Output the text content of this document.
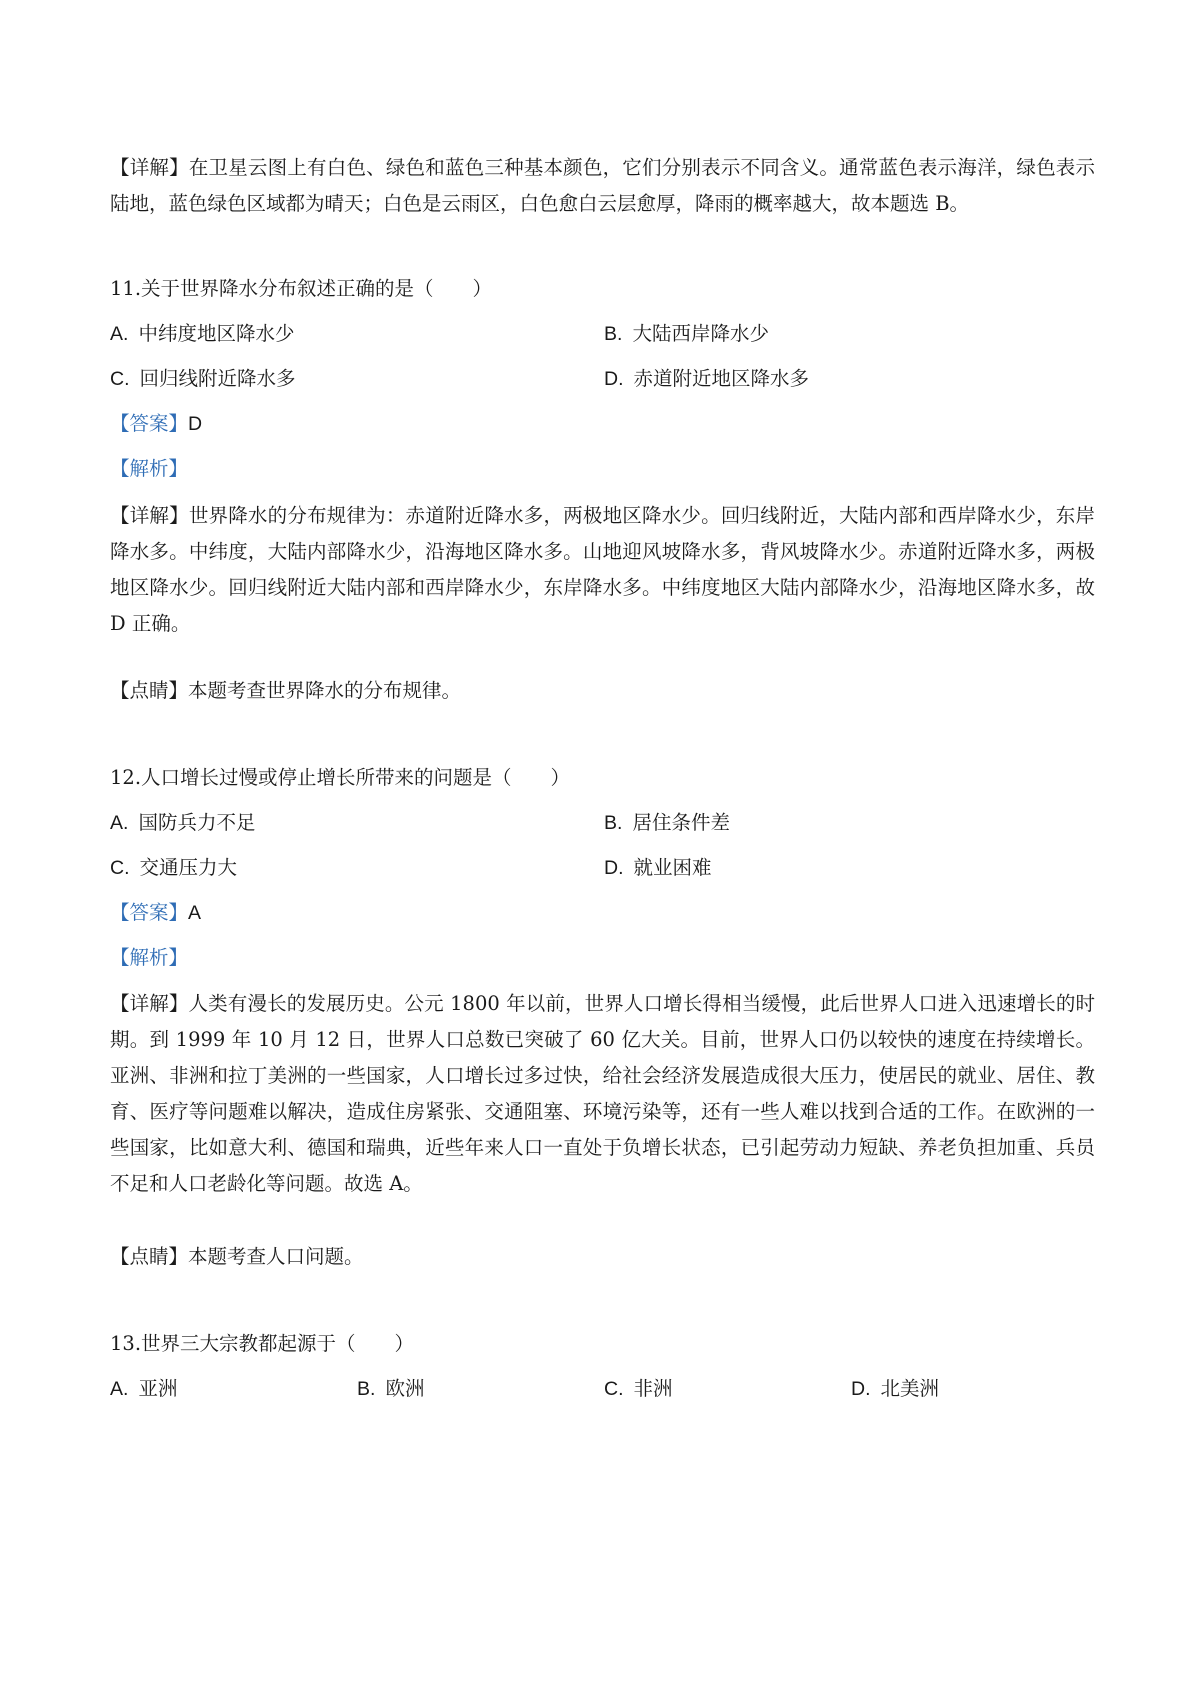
【详解】在卫星云图上有白色、绿色和蓝色三种基本颜色，它们分别表示不同含义。通常蓝色表示海洋，绿色表示陆地，蓝色绿色区域都为晴天；白色是云雨区，白色愈白云层愈厚，降雨的概率越大，故本题选 B。
11.关于世界降水分布叙述正确的是（　　）
A. 中纬度地区降水少	B. 大陆西岸降水少
C. 回归线附近降水多	D. 赤道附近地区降水多
【答案】D
【解析】
【详解】世界降水的分布规律为：赤道附近降水多，两极地区降水少。回归线附近，大陆内部和西岸降水少，东岸降水多。中纬度，大陆内部降水少，沿海地区降水多。山地迎风坡降水多，背风坡降水少。赤道附近降水多，两极地区降水少。回归线附近大陆内部和西岸降水少，东岸降水多。中纬度地区大陆内部降水少，沿海地区降水多，故 D 正确。
【点睛】本题考查世界降水的分布规律。
12.人口增长过慢或停止增长所带来的问题是（　　）
A. 国防兵力不足	B. 居住条件差
C. 交通压力大	D. 就业困难
【答案】A
【解析】
【详解】人类有漫长的发展历史。公元 1800 年以前，世界人口增长得相当缓慢，此后世界人口进入迅速增长的时期。到 1999 年 10 月 12 日，世界人口总数已突破了 60 亿大关。目前，世界人口仍以较快的速度在持续增长。亚洲、非洲和拉丁美洲的一些国家，人口增长过多过快，给社会经济发展造成很大压力，使居民的就业、居住、教育、医疗等问题难以解决，造成住房紧张、交通阻塞、环境污染等，还有一些人难以找到合适的工作。在欧洲的一些国家，比如意大利、德国和瑞典，近些年来人口一直处于负增长状态，已引起劳动力短缺、养老负担加重、兵员不足和人口老龄化等问题。故选 A。
【点睛】本题考查人口问题。
13.世界三大宗教都起源于（　　）
A. 亚洲	B. 欧洲	C. 非洲	D. 北美洲
